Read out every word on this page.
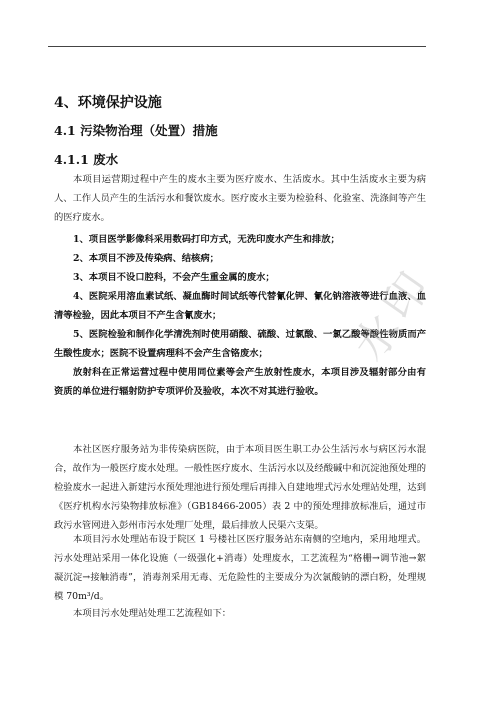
4、环境保护设施
4.1 污染物治理（处置）措施
4.1.1 废水
本项目运营期过程中产生的废水主要为医疗废水、生活废水。其中生活废水主要为病人、工作人员产生的生活污水和餐饮废水。医疗废水主要为检验科、化验室、洗涤间等产生的医疗废水。
1、项目医学影像科采用数码打印方式，无洗印废水产生和排放；
2、本项目不涉及传染病、结核病；
3、本项目不设口腔科，不会产生重金属的废水；
4、医院采用溶血素试纸、凝血酶时间试纸等代替氰化钾、氰化钠溶液等进行血液、血清等检验，因此本项目不产生含氰废水；
5、医院检验和制作化学清洗剂时使用硝酸、硫酸、过氯酸、一氯乙酸等酸性物质而产生酸性废水；医院不设置病理科不会产生含铬废水；
放射科在正常运营过程中使用同位素等会产生放射性废水，本项目涉及辐射部分由有资质的单位进行辐射防护专项评价及验收，本次不对其进行验收。
本社区医疗服务站为非传染病医院，由于本项目医生职工办公生活污水与病区污水混合，故作为一般医疗废水处理。一般性医疗废水、生活污水以及经酸碱中和沉淀池预处理的检验废水一起进入新建污水预处理池进行预处理后再排入自建地埋式污水处理站处理，达到《医疗机构水污染物排放标准》（GB18466-2005）表 2 中的预处理排放标准后，通过市政污水管网进入彭州市污水处理厂处理，最后排放人民渠六支渠。
本项目污水处理站布设于院区 1 号楼社区医疗服务站东南侧的空地内，采用地埋式。污水处理站采用一体化设施（一级强化+消毒）处理废水，工艺流程为“格栅→调节池→絮凝沉淀→接触消毒”，消毒剂采用无毒、无危险性的主要成分为次氯酸钠的漂白粉，处理规模 70m³/d。
本项目污水处理站处理工艺流程如下：
水印
